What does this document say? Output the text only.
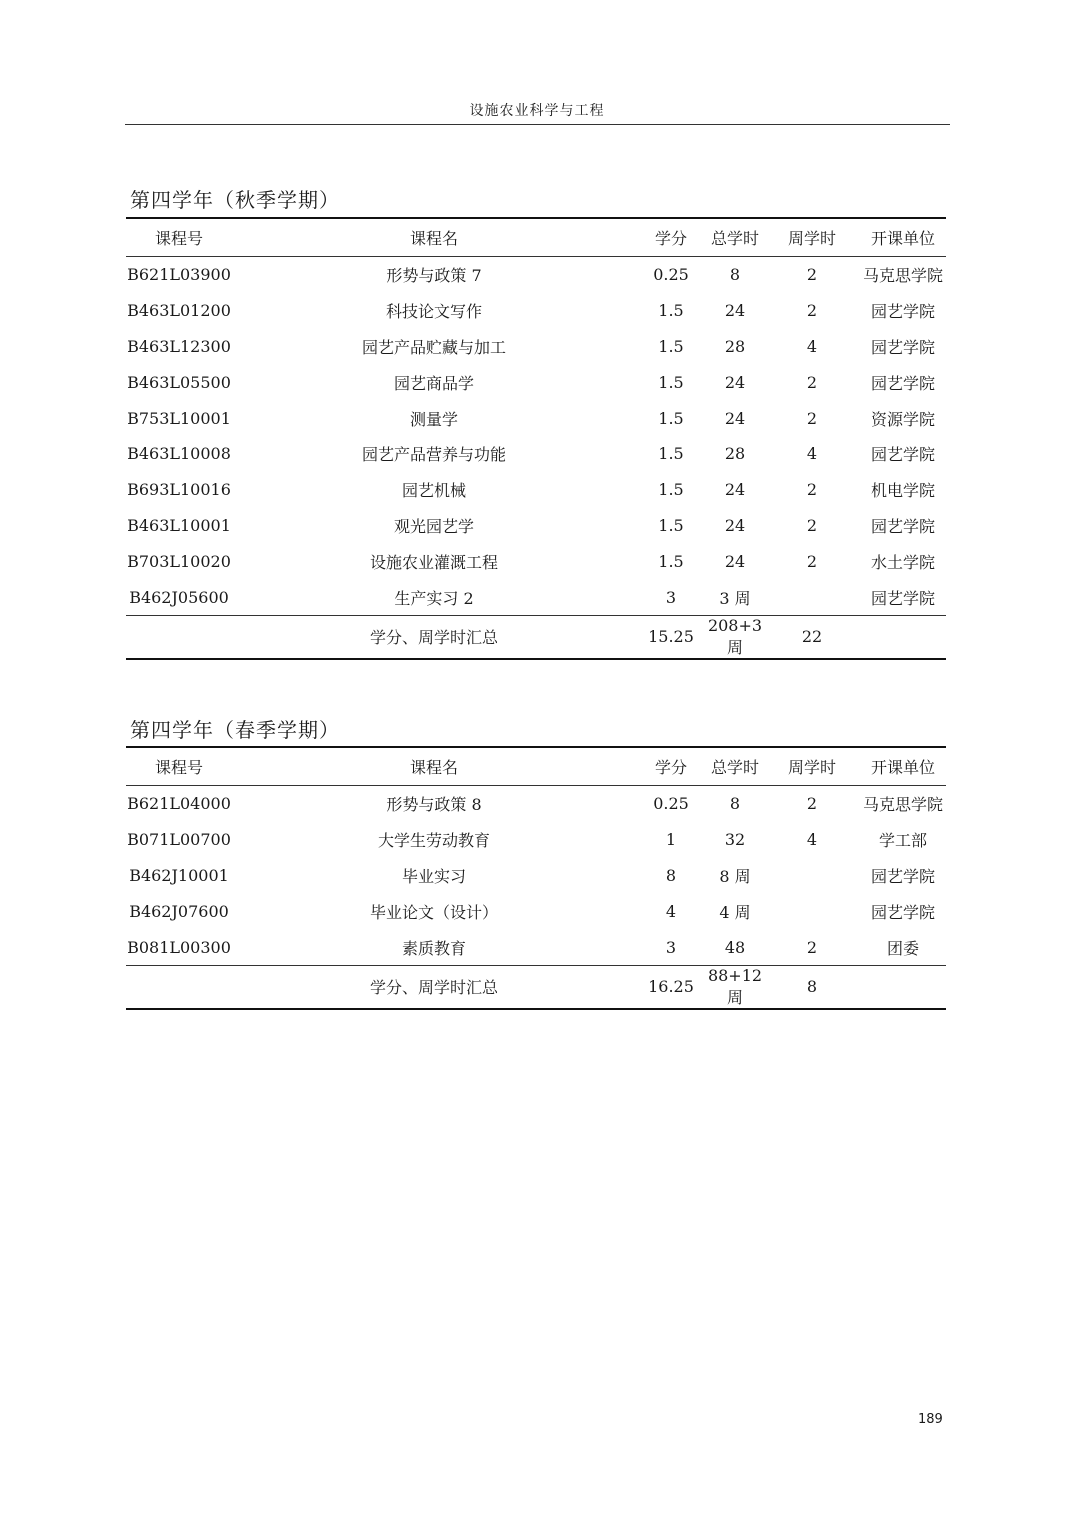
设施农业科学与工程
第四学年（秋季学期）
课程号	课程名	学分	总学时	周学时	开课单位
B621L03900	形势与政策 7	0.25	8	2	马克思学院
B463L01200	科技论文写作	1.5	24	2	园艺学院
B463L12300	园艺产品贮藏与加工	1.5	28	4	园艺学院
B463L05500	园艺商品学	1.5	24	2	园艺学院
B753L10001	测量学	1.5	24	2	资源学院
B463L10008	园艺产品营养与功能	1.5	28	4	园艺学院
B693L10016	园艺机械	1.5	24	2	机电学院
B463L10001	观光园艺学	1.5	24	2	园艺学院
B703L10020	设施农业灌溉工程	1.5	24	2	水土学院
B462J05600	生产实习 2	3	3 周		园艺学院
	学分、周学时汇总	15.25	208+3 周	22	
第四学年（春季学期）
课程号	课程名	学分	总学时	周学时	开课单位
B621L04000	形势与政策 8	0.25	8	2	马克思学院
B071L00700	大学生劳动教育	1	32	4	学工部
B462J10001	毕业实习	8	8 周		园艺学院
B462J07600	毕业论文（设计）	4	4 周		园艺学院
B081L00300	素质教育	3	48	2	团委
	学分、周学时汇总	16.25	88+12 周	8	
189
